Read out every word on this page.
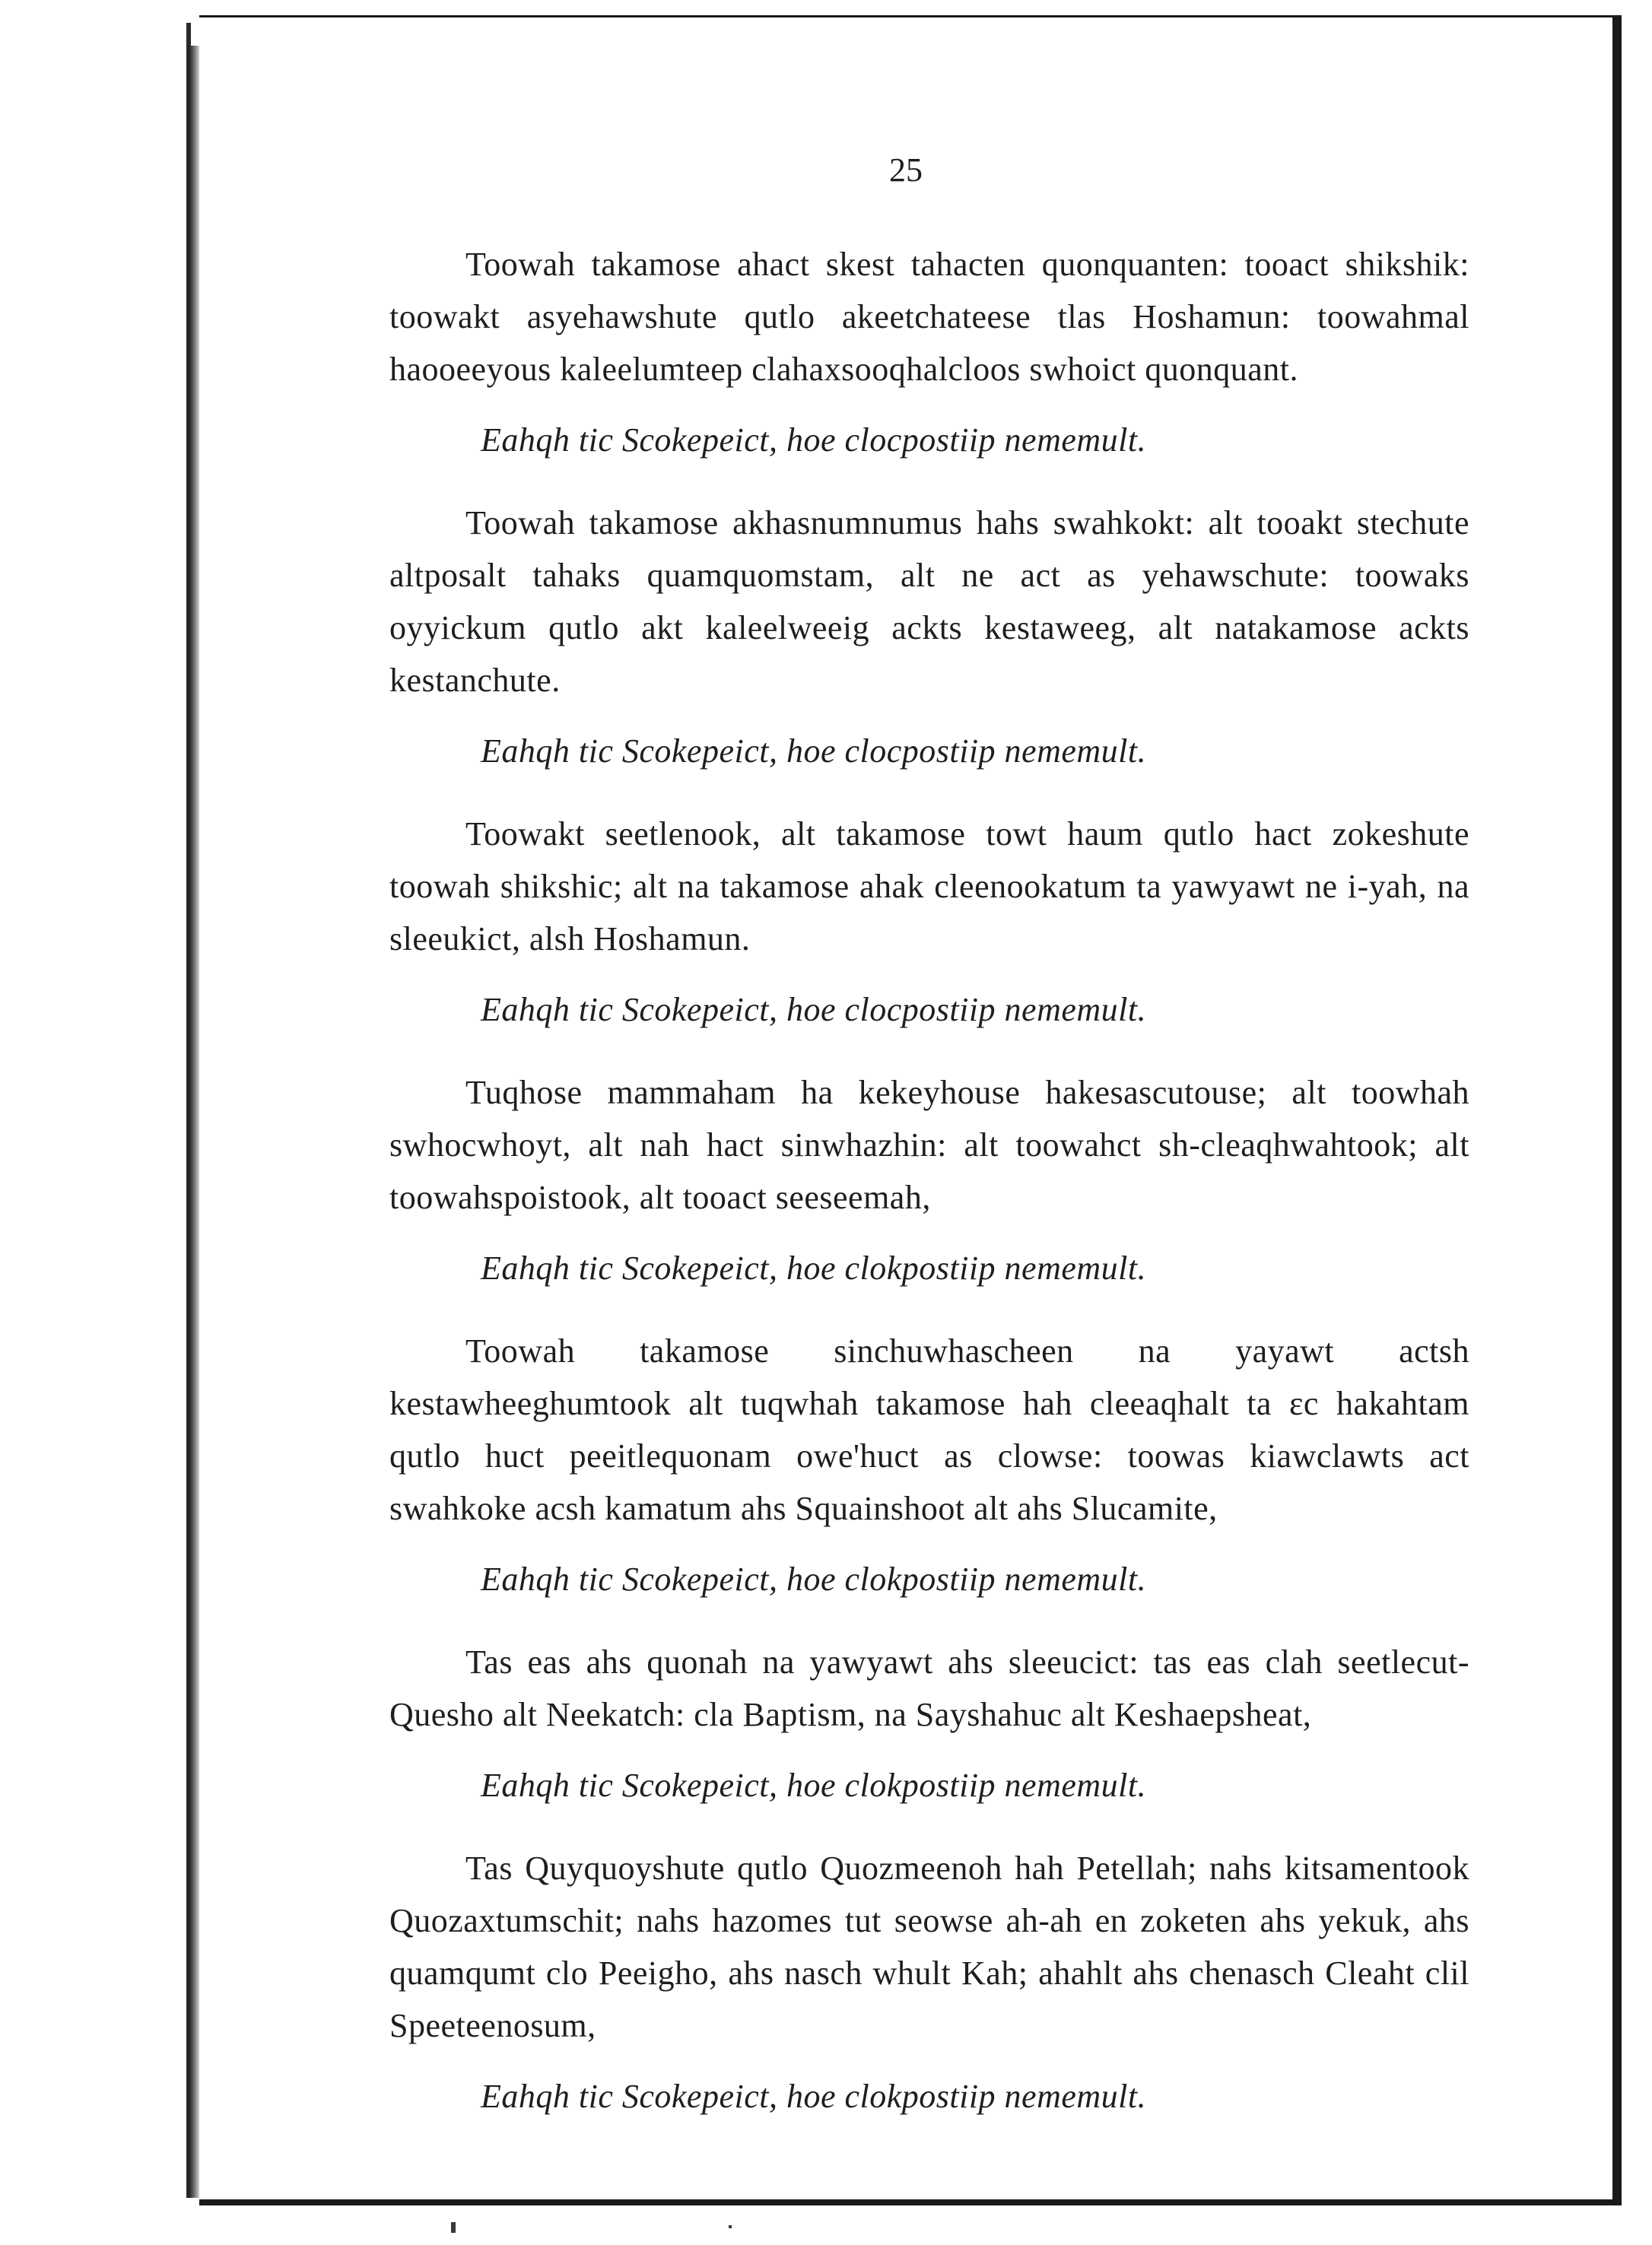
25

Toowah takamose ahact skest tahacten quonquanten: tooact shikshik: toowakt asyehawshute qutlo akeetchateese tlas Hoshamun: toowahmal haooeeyous kaleelumteep clahaxsooqhalcloos swhoict quonquant.

Eahqh tic Scokepeict, hoe clocpostiip nememult.

Toowah takamose akhasnumnumus hahs swahkokt: alt tooakt stechute altposalt tahaks quamquomstam, alt ne act as yehawschute: toowaks oyyickum qutlo akt kaleelweeig ackts kestaweeg, alt natakamose ackts kestanchute.

Eahqh tic Scokepeict, hoe clocpostiip nememult.

Toowakt seetlenook, alt takamose towt haum qutlo hact zokeshute toowah shikshic; alt na takamose ahak cleenookatum ta yawyawt ne i-yah, na sleeukict, alsh Hoshamun.

Eahqh tic Scokepeict, hoe clocpostiip nememult.

Tuqhose mammaham ha kekeyhouse hakesascutouse; alt toowhah swhocwhoyt, alt nah hact sinwhazhin: alt toowahct sh-cleaqhwahtook; alt toowahspoistook, alt tooact seeseemah,

Eahqh tic Scokepeict, hoe clokpostiip nememult.

Toowah takamose sinchuwhascheen na yayawt actsh kestawheeghumtook alt tuqwhah takamose hah cleeaqhalt ta ɛc hakahtam qutlo huct peeitlequonam owe'huct as clowse: toowas kiawclawts act swahkoke acsh kamatum ahs Squainshoot alt ahs Slucamite,

Eahqh tic Scokepeict, hoe clokpostiip nememult.

Tas eas ahs quonah na yawyawt ahs sleeucict: tas eas clah seetlecut-Quesho alt Neekatch: cla Baptism, na Sayshahuc alt Keshaepsheat,

Eahqh tic Scokepeict, hoe clokpostiip nememult.

Tas Quyquoyshute qutlo Quozmeenoh hah Petellah; nahs kitsamentook Quozaxtumschit; nahs hazomes tut seowse ah-ah en zoketen ahs yekuk, ahs quamqumt clo Peeigho, ahs nasch whult Kah; ahahlt ahs chenasch Cleaht clil Speeteenosum,

Eahqh tic Scokepeict, hoe clokpostiip nememult.
